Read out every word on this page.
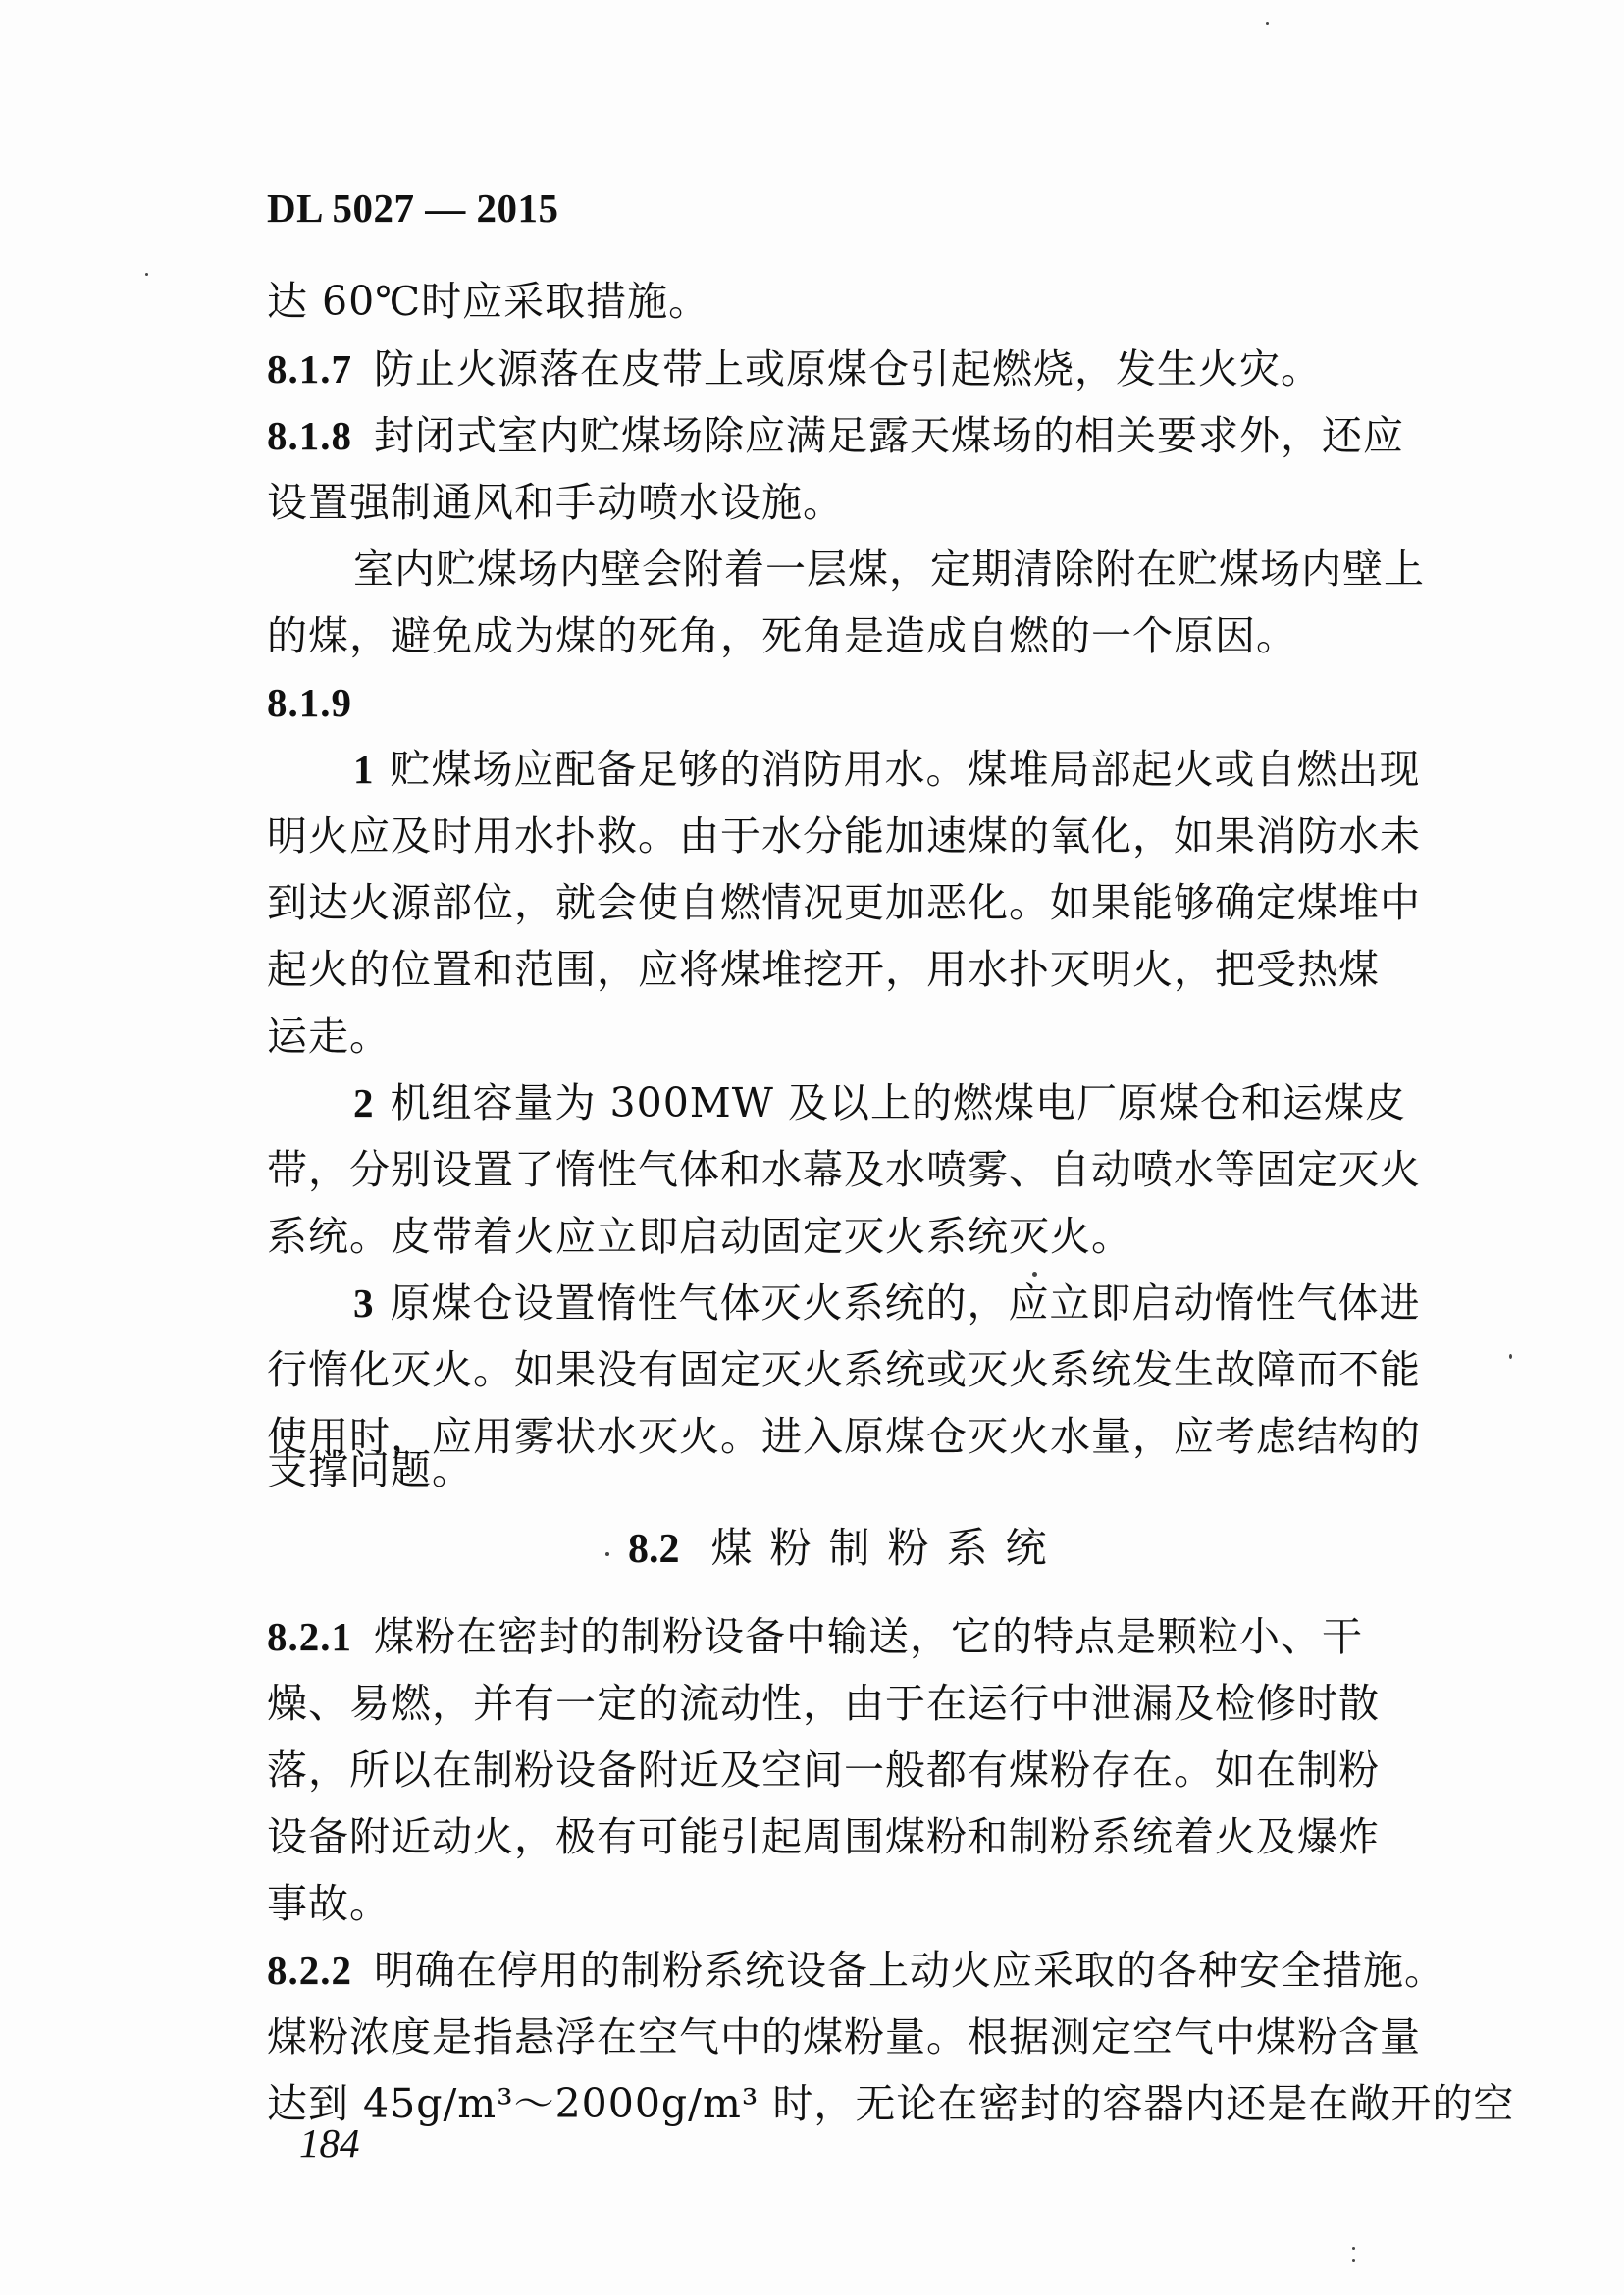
DL 5027 — 2015
达 60℃时应采取措施。
8.1.7 防止火源落在皮带上或原煤仓引起燃烧，发生火灾。
8.1.8 封闭式室内贮煤场除应满足露天煤场的相关要求外，还应
设置强制通风和手动喷水设施。
室内贮煤场内壁会附着一层煤，定期清除附在贮煤场内壁上
的煤，避免成为煤的死角，死角是造成自燃的一个原因。
8.1.9
1 贮煤场应配备足够的消防用水。煤堆局部起火或自燃出现
明火应及时用水扑救。由于水分能加速煤的氧化，如果消防水未
到达火源部位，就会使自燃情况更加恶化。如果能够确定煤堆中
起火的位置和范围，应将煤堆挖开，用水扑灭明火，把受热煤
运走。
2 机组容量为 300MW 及以上的燃煤电厂原煤仓和运煤皮
带，分别设置了惰性气体和水幕及水喷雾、自动喷水等固定灭火
系统。皮带着火应立即启动固定灭火系统灭火。
3 原煤仓设置惰性气体灭火系统的，应立即启动惰性气体进
行惰化灭火。如果没有固定灭火系统或灭火系统发生故障而不能
使用时，应用雾状水灭火。进入原煤仓灭火水量，应考虑结构的
支撑问题。
8.2 煤粉制粉系统
8.2.1 煤粉在密封的制粉设备中输送，它的特点是颗粒小、干
燥、易燃，并有一定的流动性，由于在运行中泄漏及检修时散
落，所以在制粉设备附近及空间一般都有煤粉存在。如在制粉
设备附近动火，极有可能引起周围煤粉和制粉系统着火及爆炸
事故。
8.2.2 明确在停用的制粉系统设备上动火应采取的各种安全措施。
煤粉浓度是指悬浮在空气中的煤粉量。根据测定空气中煤粉含量
达到 45g/m³～2000g/m³ 时，无论在密封的容器内还是在敞开的空
184
